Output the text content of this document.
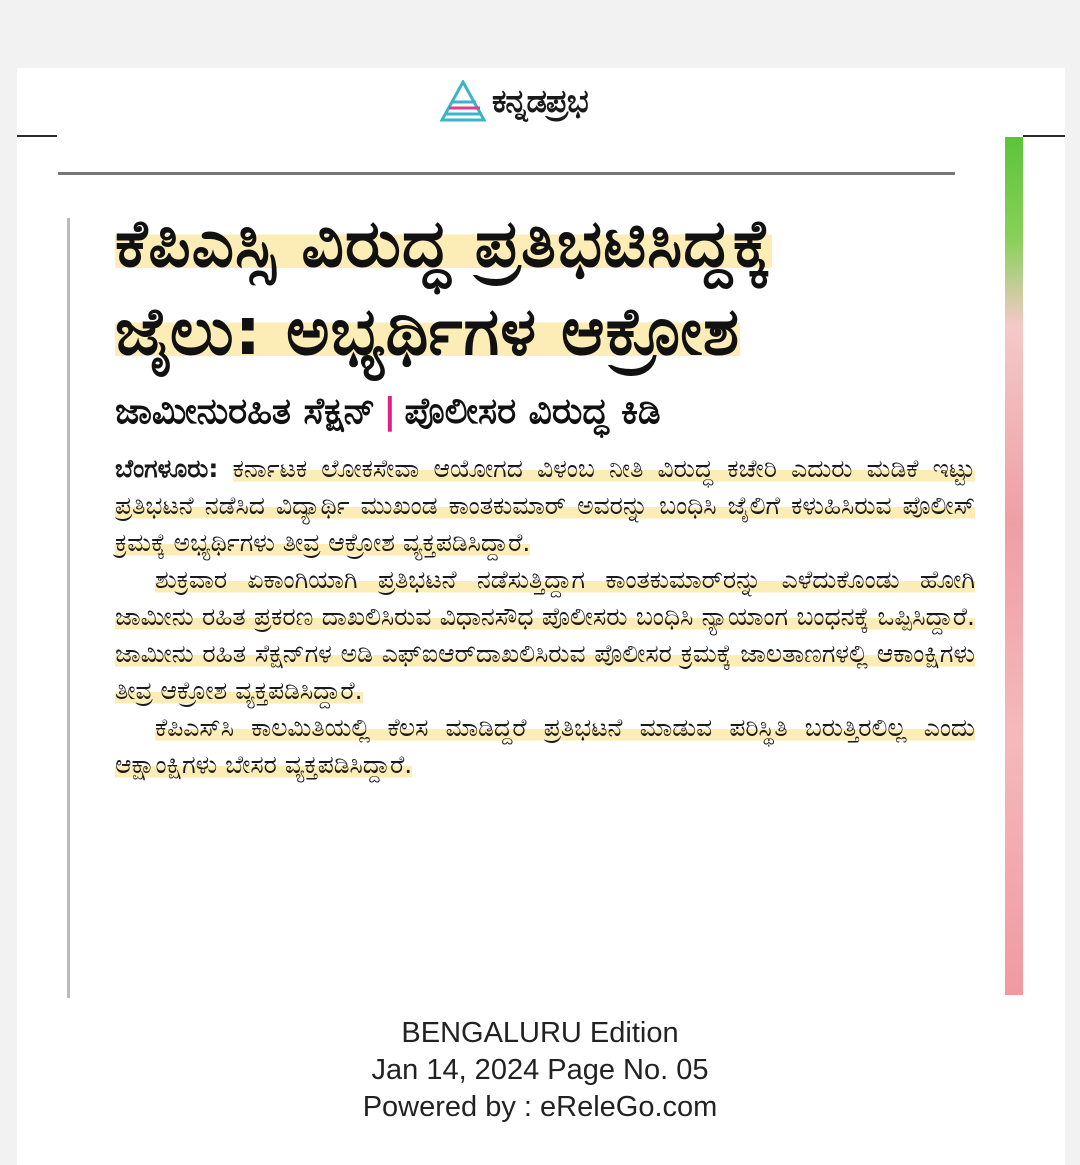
ಕನ್ನಡಪ್ರಭ
ಕೆಪಿಎಸ್ಸಿ ವಿರುದ್ಧ ಪ್ರತಿಭಟಿಸಿದ್ದಕ್ಕೆ
ಜೈಲು: ಅಭ್ಯರ್ಥಿಗಳ ಆಕ್ರೋಶ
ಜಾಮೀನುರಹಿತ ಸೆಕ್ಷನ್ | ಪೊಲೀಸರ ವಿರುದ್ಧ ಕಿಡಿ
ಬೆಂಗಳೂರು: ಕರ್ನಾಟಕ ಲೋಕಸೇವಾ ಆಯೋಗದ ವಿಳಂಬ ನೀತಿ ವಿರುದ್ಧ ಕಚೇರಿ ಎದುರು ಮಡಿಕೆ ಇಟ್ಟು ಪ್ರತಿಭಟನೆ ನಡೆಸಿದ ವಿದ್ಯಾರ್ಥಿ ಮುಖಂಡ ಕಾಂತಕುಮಾರ್ ಅವರನ್ನು ಬಂಧಿಸಿ ಜೈಲಿಗೆ ಕಳುಹಿಸಿರುವ ಪೊಲೀಸ್ ಕ್ರಮಕ್ಕೆ ಅಭ್ಯರ್ಥಿಗಳು ತೀವ್ರ ಆಕ್ರೋಶ ವ್ಯಕ್ತಪಡಿಸಿದ್ದಾರೆ.
ಶುಕ್ರವಾರ ಏಕಾಂಗಿಯಾಗಿ ಪ್ರತಿಭಟನೆ ನಡೆಸುತ್ತಿದ್ದಾಗ ಕಾಂತಕುಮಾರ್‌ರನ್ನು ಎಳೆದುಕೊಂಡು ಹೋಗಿ ಜಾಮೀನು ರಹಿತ ಪ್ರಕರಣ ದಾಖಲಿಸಿರುವ ವಿಧಾನಸೌಧ ಪೊಲೀಸರು ಬಂಧಿಸಿ ನ್ಯಾಯಾಂಗ ಬಂಧನಕ್ಕೆ ಒಪ್ಪಿಸಿದ್ದಾರೆ. ಜಾಮೀನು ರಹಿತ ಸೆಕ್ಷನ್‌ಗಳ ಅಡಿ ಎಫ್‌ಐಆರ್‌ದಾಖಲಿಸಿರುವ ಪೊಲೀಸರ ಕ್ರಮಕ್ಕೆ ಜಾಲತಾಣಗಳಲ್ಲಿ ಆಕಾಂಕ್ಷಿಗಳು ತೀವ್ರ ಆಕ್ರೋಶ ವ್ಯಕ್ತಪಡಿಸಿದ್ದಾರೆ.
ಕೆಪಿಎಸ್‌ಸಿ ಕಾಲಮಿತಿಯಲ್ಲಿ ಕೆಲಸ ಮಾಡಿದ್ದರೆ ಪ್ರತಿಭಟನೆ ಮಾಡುವ ಪರಿಸ್ಥಿತಿ ಬರುತ್ತಿರಲಿಲ್ಲ ಎಂದು ಆಕ್ಷಾಂಕ್ಷಿಗಳು ಬೇಸರ ವ್ಯಕ್ತಪಡಿಸಿದ್ದಾರೆ.
BENGALURU Edition
Jan 14, 2024 Page No. 05
Powered by : eReleGo.com
